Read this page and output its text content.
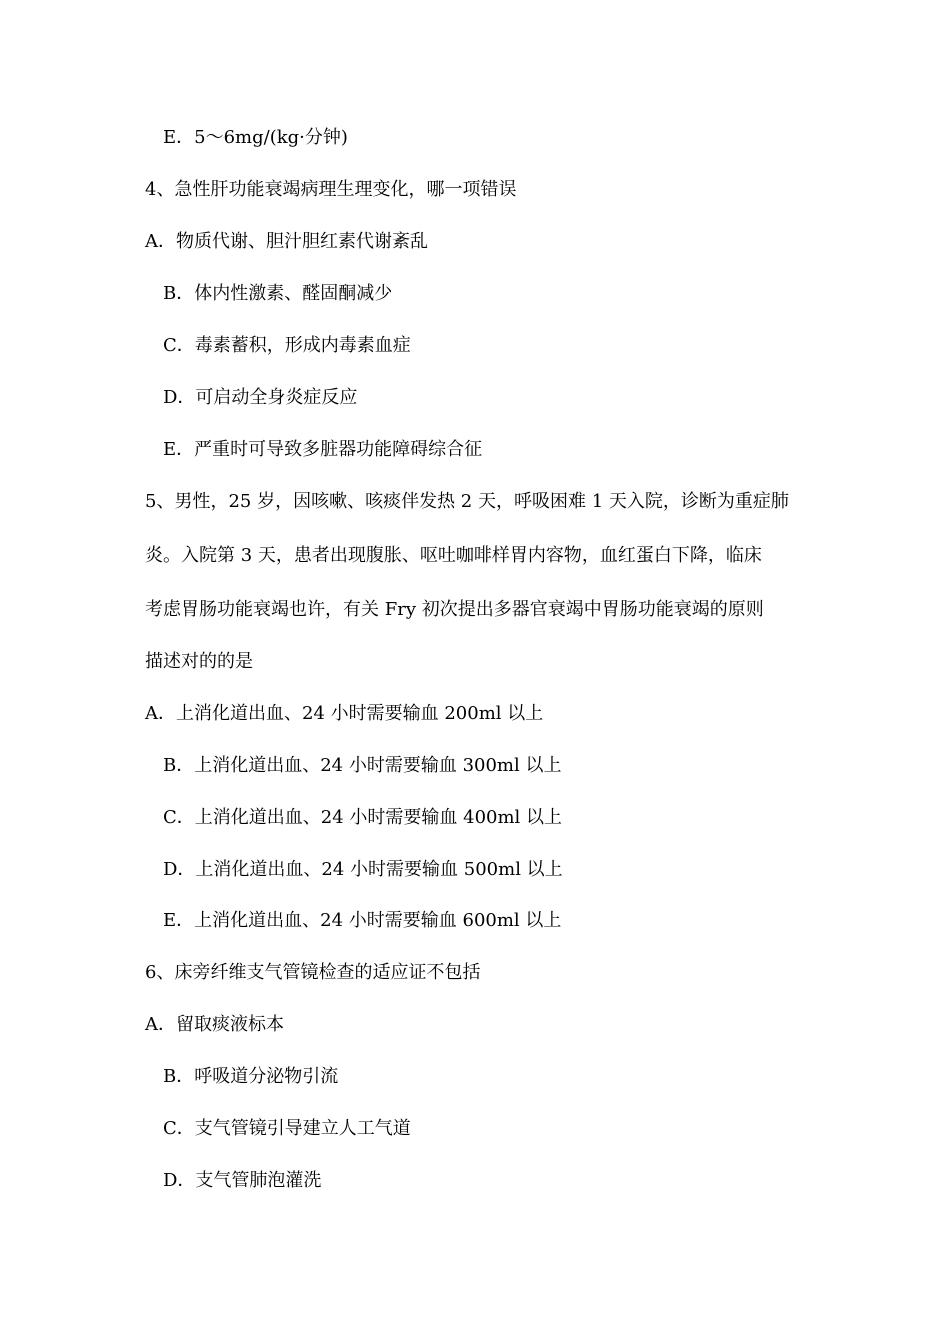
E．5～6mg/(kg·分钟)
4、急性肝功能衰竭病理生理变化，哪一项错误
A．物质代谢、胆汁胆红素代谢紊乱
B．体内性激素、醛固酮减少
C．毒素蓄积，形成内毒素血症
D．可启动全身炎症反应
E．严重时可导致多脏器功能障碍综合征
5、男性，25 岁，因咳嗽、咳痰伴发热 2 天，呼吸困难 1 天入院，诊断为重症肺
炎。入院第 3 天，患者出现腹胀、呕吐咖啡样胃内容物，血红蛋白下降，临床
考虑胃肠功能衰竭也许，有关 Fry 初次提出多器官衰竭中胃肠功能衰竭的原则
描述对的的是
A．上消化道出血、24 小时需要输血 200ml 以上
B．上消化道出血、24 小时需要输血 300ml 以上
C．上消化道出血、24 小时需要输血 400ml 以上
D．上消化道出血、24 小时需要输血 500ml 以上
E．上消化道出血、24 小时需要输血 600ml 以上
6、床旁纤维支气管镜检查的适应证不包括
A．留取痰液标本
B．呼吸道分泌物引流
C．支气管镜引导建立人工气道
D．支气管肺泡灌洗
